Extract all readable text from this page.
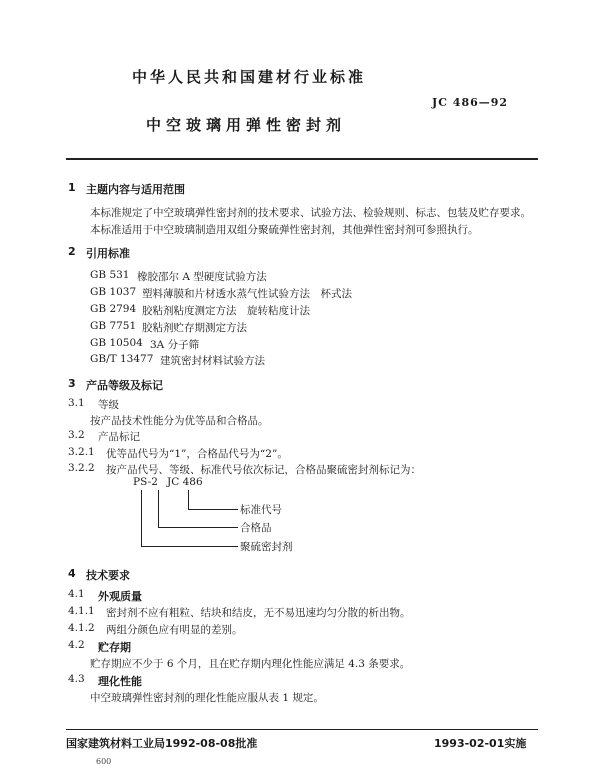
中华人民共和国建材行业标准
JC 486—92
中空玻璃用弹性密封剂
1 主题内容与适用范围
本标准规定了中空玻璃弹性密封剂的技术要求、试验方法、检验规则、标志、包装及贮存要求。
本标准适用于中空玻璃制造用双组分聚硫弹性密封剂，其他弹性密封剂可参照执行。
2 引用标准
GB 531 橡胶邵尔 A 型硬度试验方法
GB 1037 塑料薄膜和片材透水蒸气性试验方法　杯式法
GB 2794 胶粘剂粘度测定方法　旋转粘度计法
GB 7751 胶粘剂贮存期测定方法
GB 10504 3A 分子筛
GB/T 13477 建筑密封材料试验方法
3 产品等级及标记
3.1 等级
按产品技术性能分为优等品和合格品。
3.2 产品标记
3.2.1 优等品代号为“1”，合格品代号为“2”。
3.2.2 按产品代号、等级、标准代号依次标记，合格品聚硫密封剂标记为：
PS-2 JC 486
标准代号
合格品
聚硫密封剂
4 技术要求
4.1 外观质量
4.1.1 密封剂不应有粗粒、结块和结皮，无不易迅速均匀分散的析出物。
4.1.2 两组分颜色应有明显的差别。
4.2 贮存期
贮存期应不少于 6 个月，且在贮存期内理化性能应满足 4.3 条要求。
4.3 理化性能
中空玻璃弹性密封剂的理化性能应服从表 1 规定。
国家建筑材料工业局1992-08-08批准	1993-02-01实施
600
